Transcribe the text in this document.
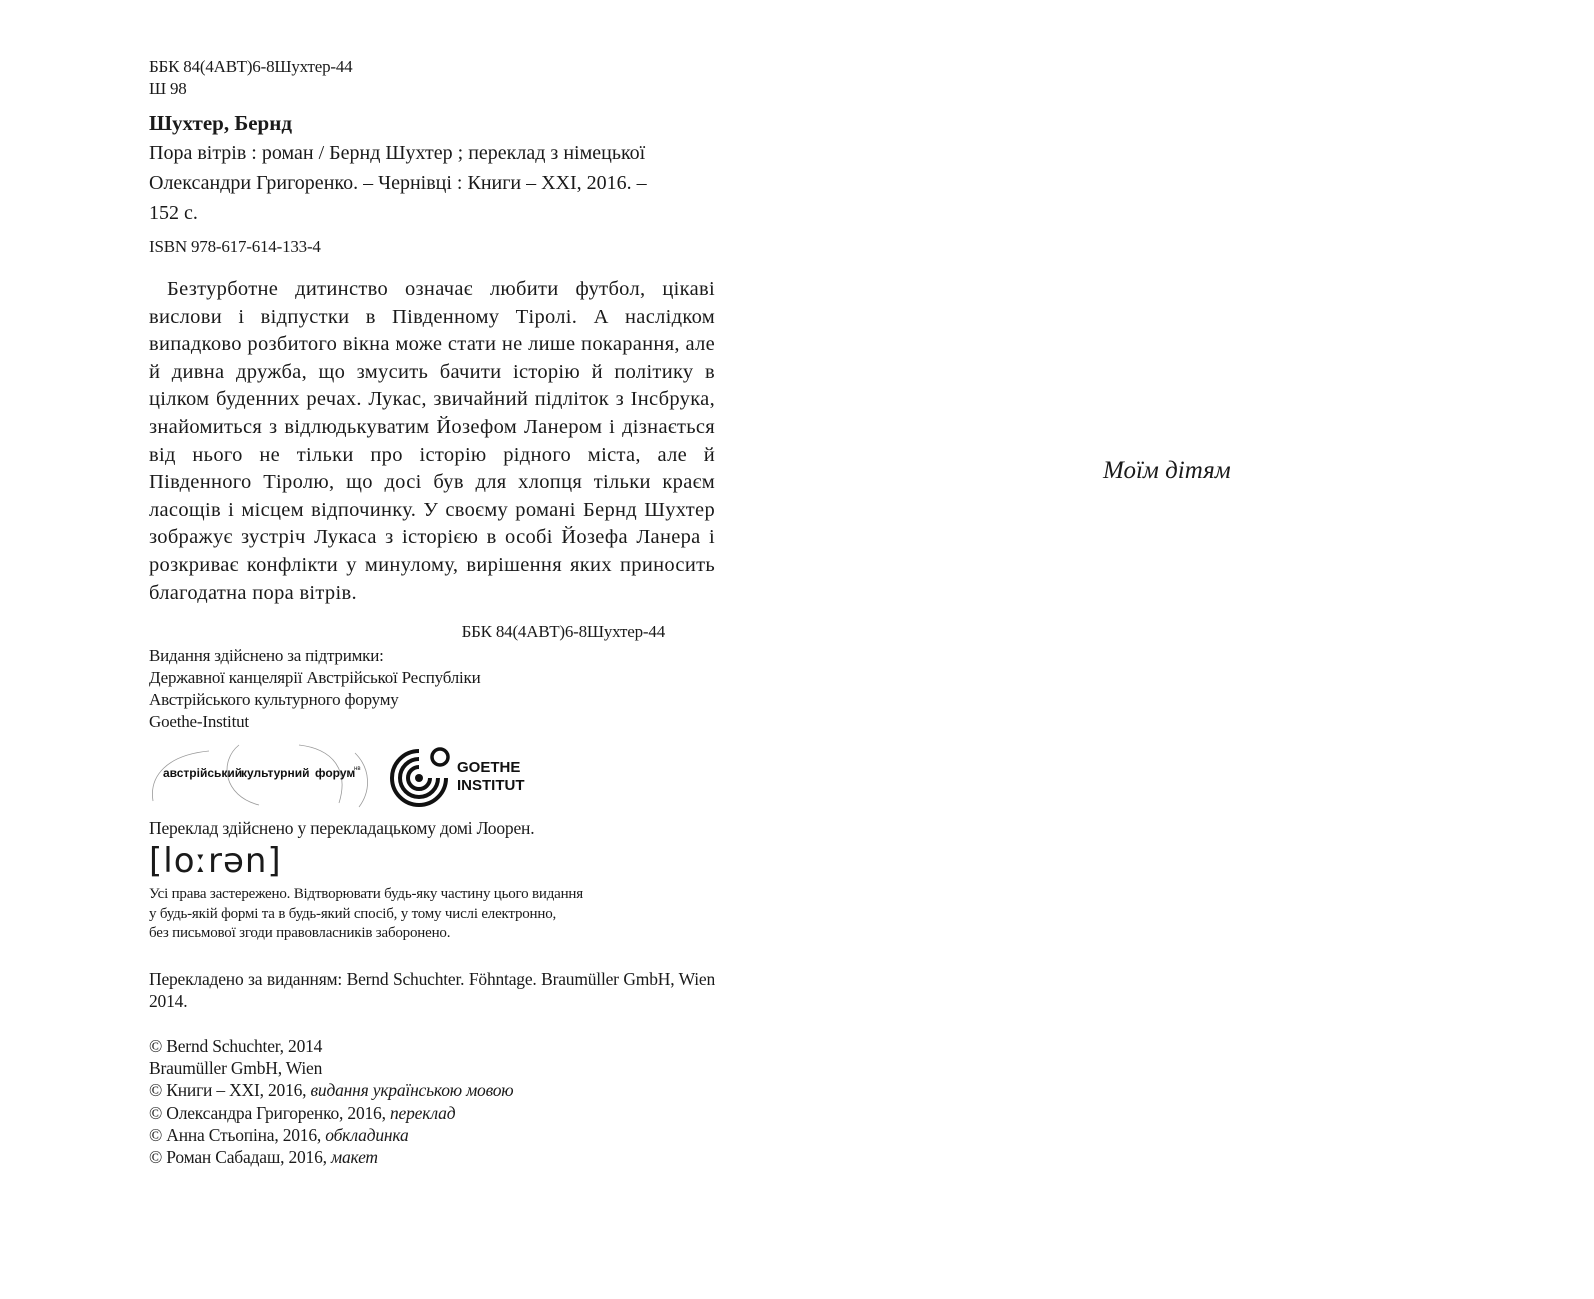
ББК 84(4АВТ)6-8Шухтер-44
Ш 98
Шухтер, Бернд
Пора вітрів : роман / Бернд Шухтер ; переклад з німецької
Олександри Григоренко. – Чернівці : Книги – XXI, 2016. –
152 с.
ISBN 978-617-614-133-4
Безтурботне дитинство означає любити футбол, цікаві вислови і відпустки в Південному Тіролі. А наслідком випадково розбитого вікна може стати не лише покарання, але й дивна дружба, що змусить бачити історію й політику в цілком буденних речах. Лукас, звичайний підліток з Інсбрука, знайомиться з відлюдькуватим Йозефом Ланером і дізнається від нього не тільки про історію рідного міста, але й Південного Тіролю, що досі був для хлопця тільки краєм ласощів і місцем відпочинку. У своєму романі Бернд Шухтер зображує зустріч Лукаса з історією в особі Йозефа Ланера і розкриває конфлікти у минулому, вирішення яких приносить благодатна пора вітрів.
ББК 84(4АВТ)6-8Шухтер-44
Видання здійснено за підтримки:
Державної канцелярії Австрійської Республіки
Австрійського культурного форуму
Goethe-Institut
австрійський
культурний форум
нв	GOETHE
INSTITUT
Переклад здійснено у перекладацькому домі Лоорен.
[loːrən]
Усі права застережено. Відтворювати будь-яку частину цього видання
у будь-якій формі та в будь-який спосіб, у тому числі електронно,
без письмової згоди правовласників заборонено.
Перекладено за виданням: Bernd Schuchter. Föhntage. Braumüller GmbH, Wien 2014.
© Bernd Schuchter, 2014
Braumüller GmbH, Wien
© Книги – XXI, 2016, видання українською мовою
© Олександра Григоренко, 2016, переклад
© Анна Стьопіна, 2016, обкладинка
© Роман Сабадаш, 2016, макет
Моїм дітям
